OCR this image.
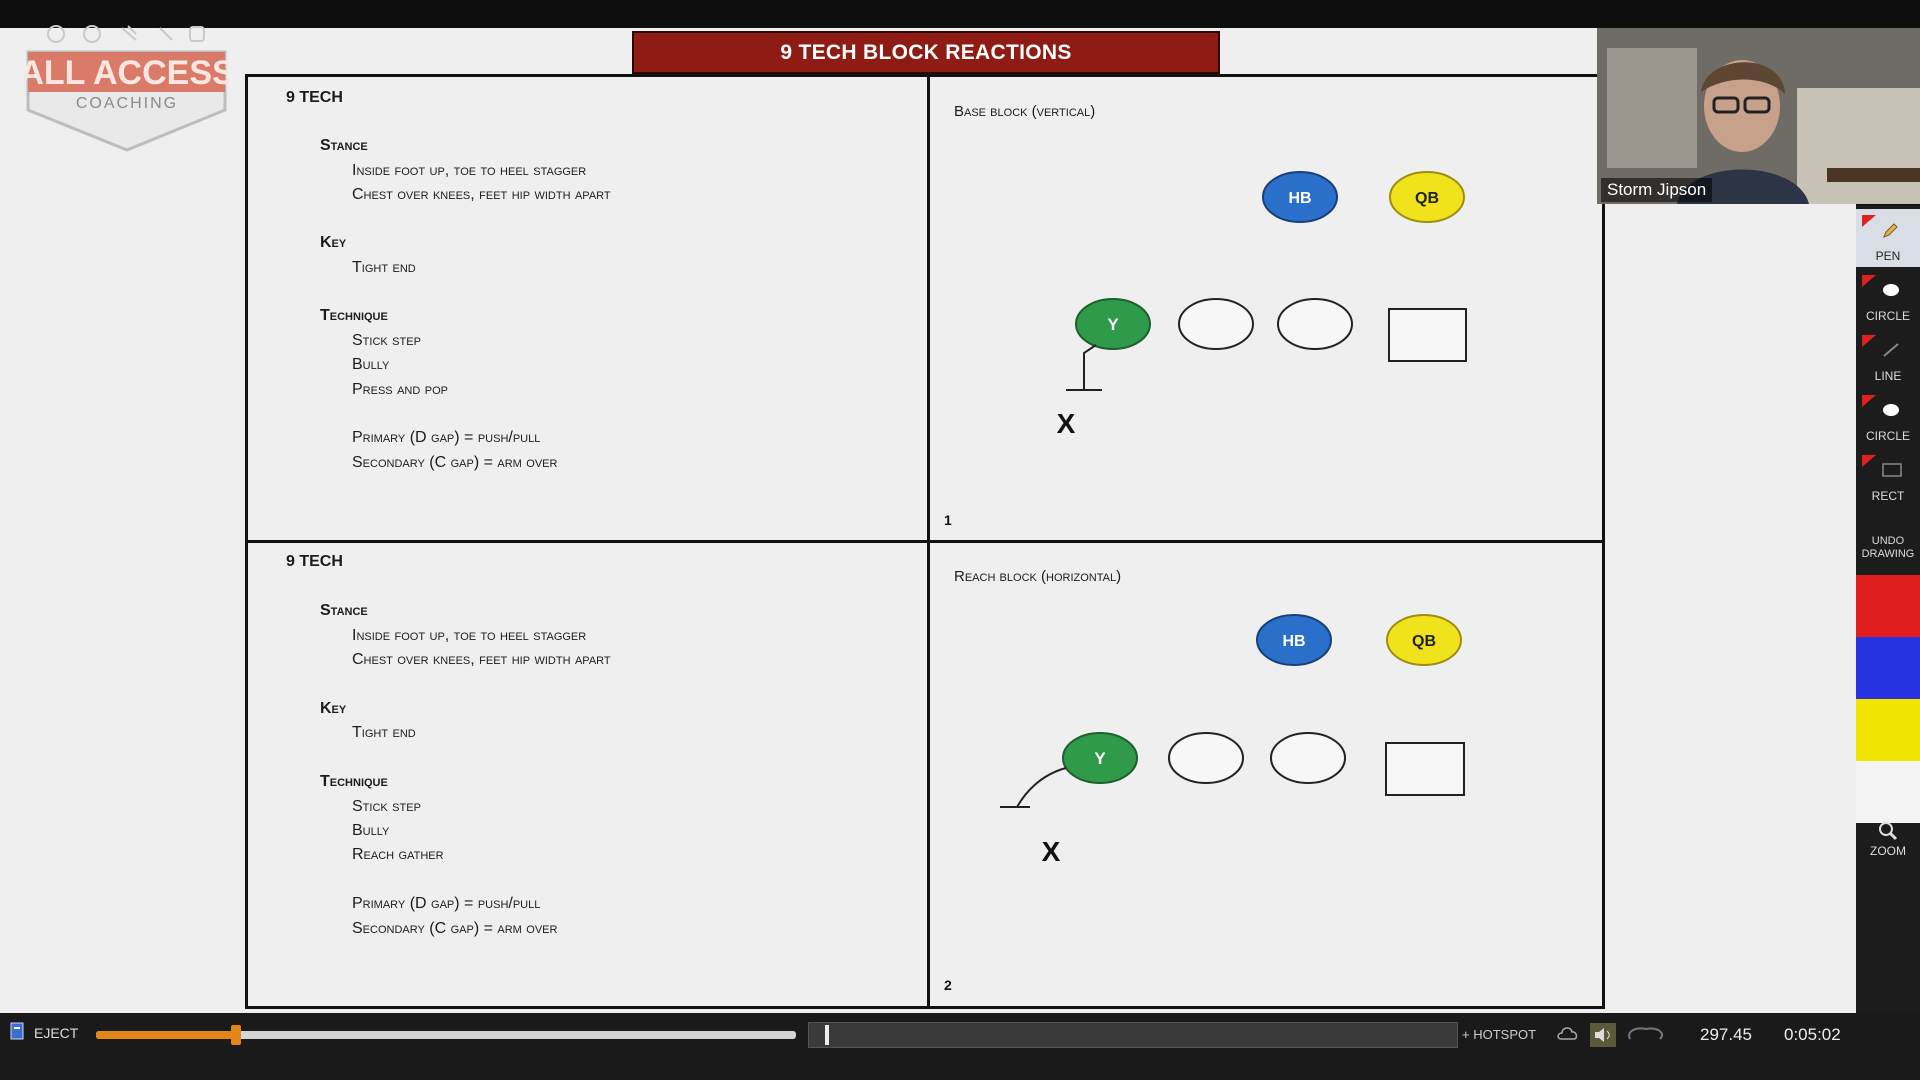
ALL ACCESS
COACHING
9 TECH BLOCK REACTIONS
9 TECH
Stance
Inside foot up, toe to heel stagger
Chest over knees, feet hip width apart
Key
Tight end
Technique
Stick step
Bully
Press and pop
Primary (D gap) = push/pull
Secondary (C gap) = arm over
9 TECH
Stance
Inside foot up, toe to heel stagger
Chest over knees, feet hip width apart
Key
Tight end
Technique
Stick step
Bully
Reach gather
Primary (D gap) = push/pull
Secondary (C gap) = arm over
Base block (vertical)
HB	QB
Y
X
1
Reach block (horizontal)
HB	QB
Y
X
2
Storm Jipson
PEN
CIRCLE
LINE
CIRCLE
RECT
UNDO
DRAWING
ZOOM
EJECT	+ HOTSPOT	297.45 0:05:02
